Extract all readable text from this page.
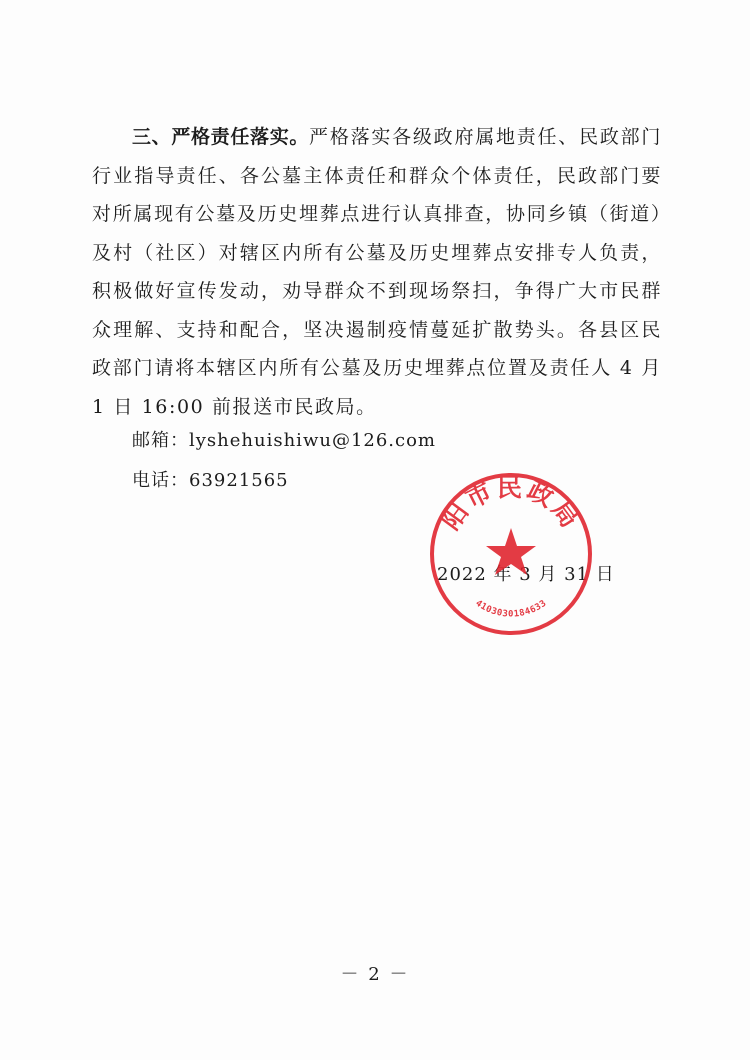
三、严格责任落实。严格落实各级政府属地责任、民政部门行业指导责任、各公墓主体责任和群众个体责任，民政部门要对所属现有公墓及历史埋葬点进行认真排查，协同乡镇（街道）及村（社区）对辖区内所有公墓及历史埋葬点安排专人负责，积极做好宣传发动，劝导群众不到现场祭扫，争得广大市民群众理解、支持和配合，坚决遏制疫情蔓延扩散势头。各县区民政部门请将本辖区内所有公墓及历史埋葬点位置及责任人 4 月 1 日 16:00 前报送市民政局。

邮箱：lyshehuishiwu@126.com
电话：63921565
2022 年 3 月 31 日
阳市民政局
4103030184633
－ 2 －
